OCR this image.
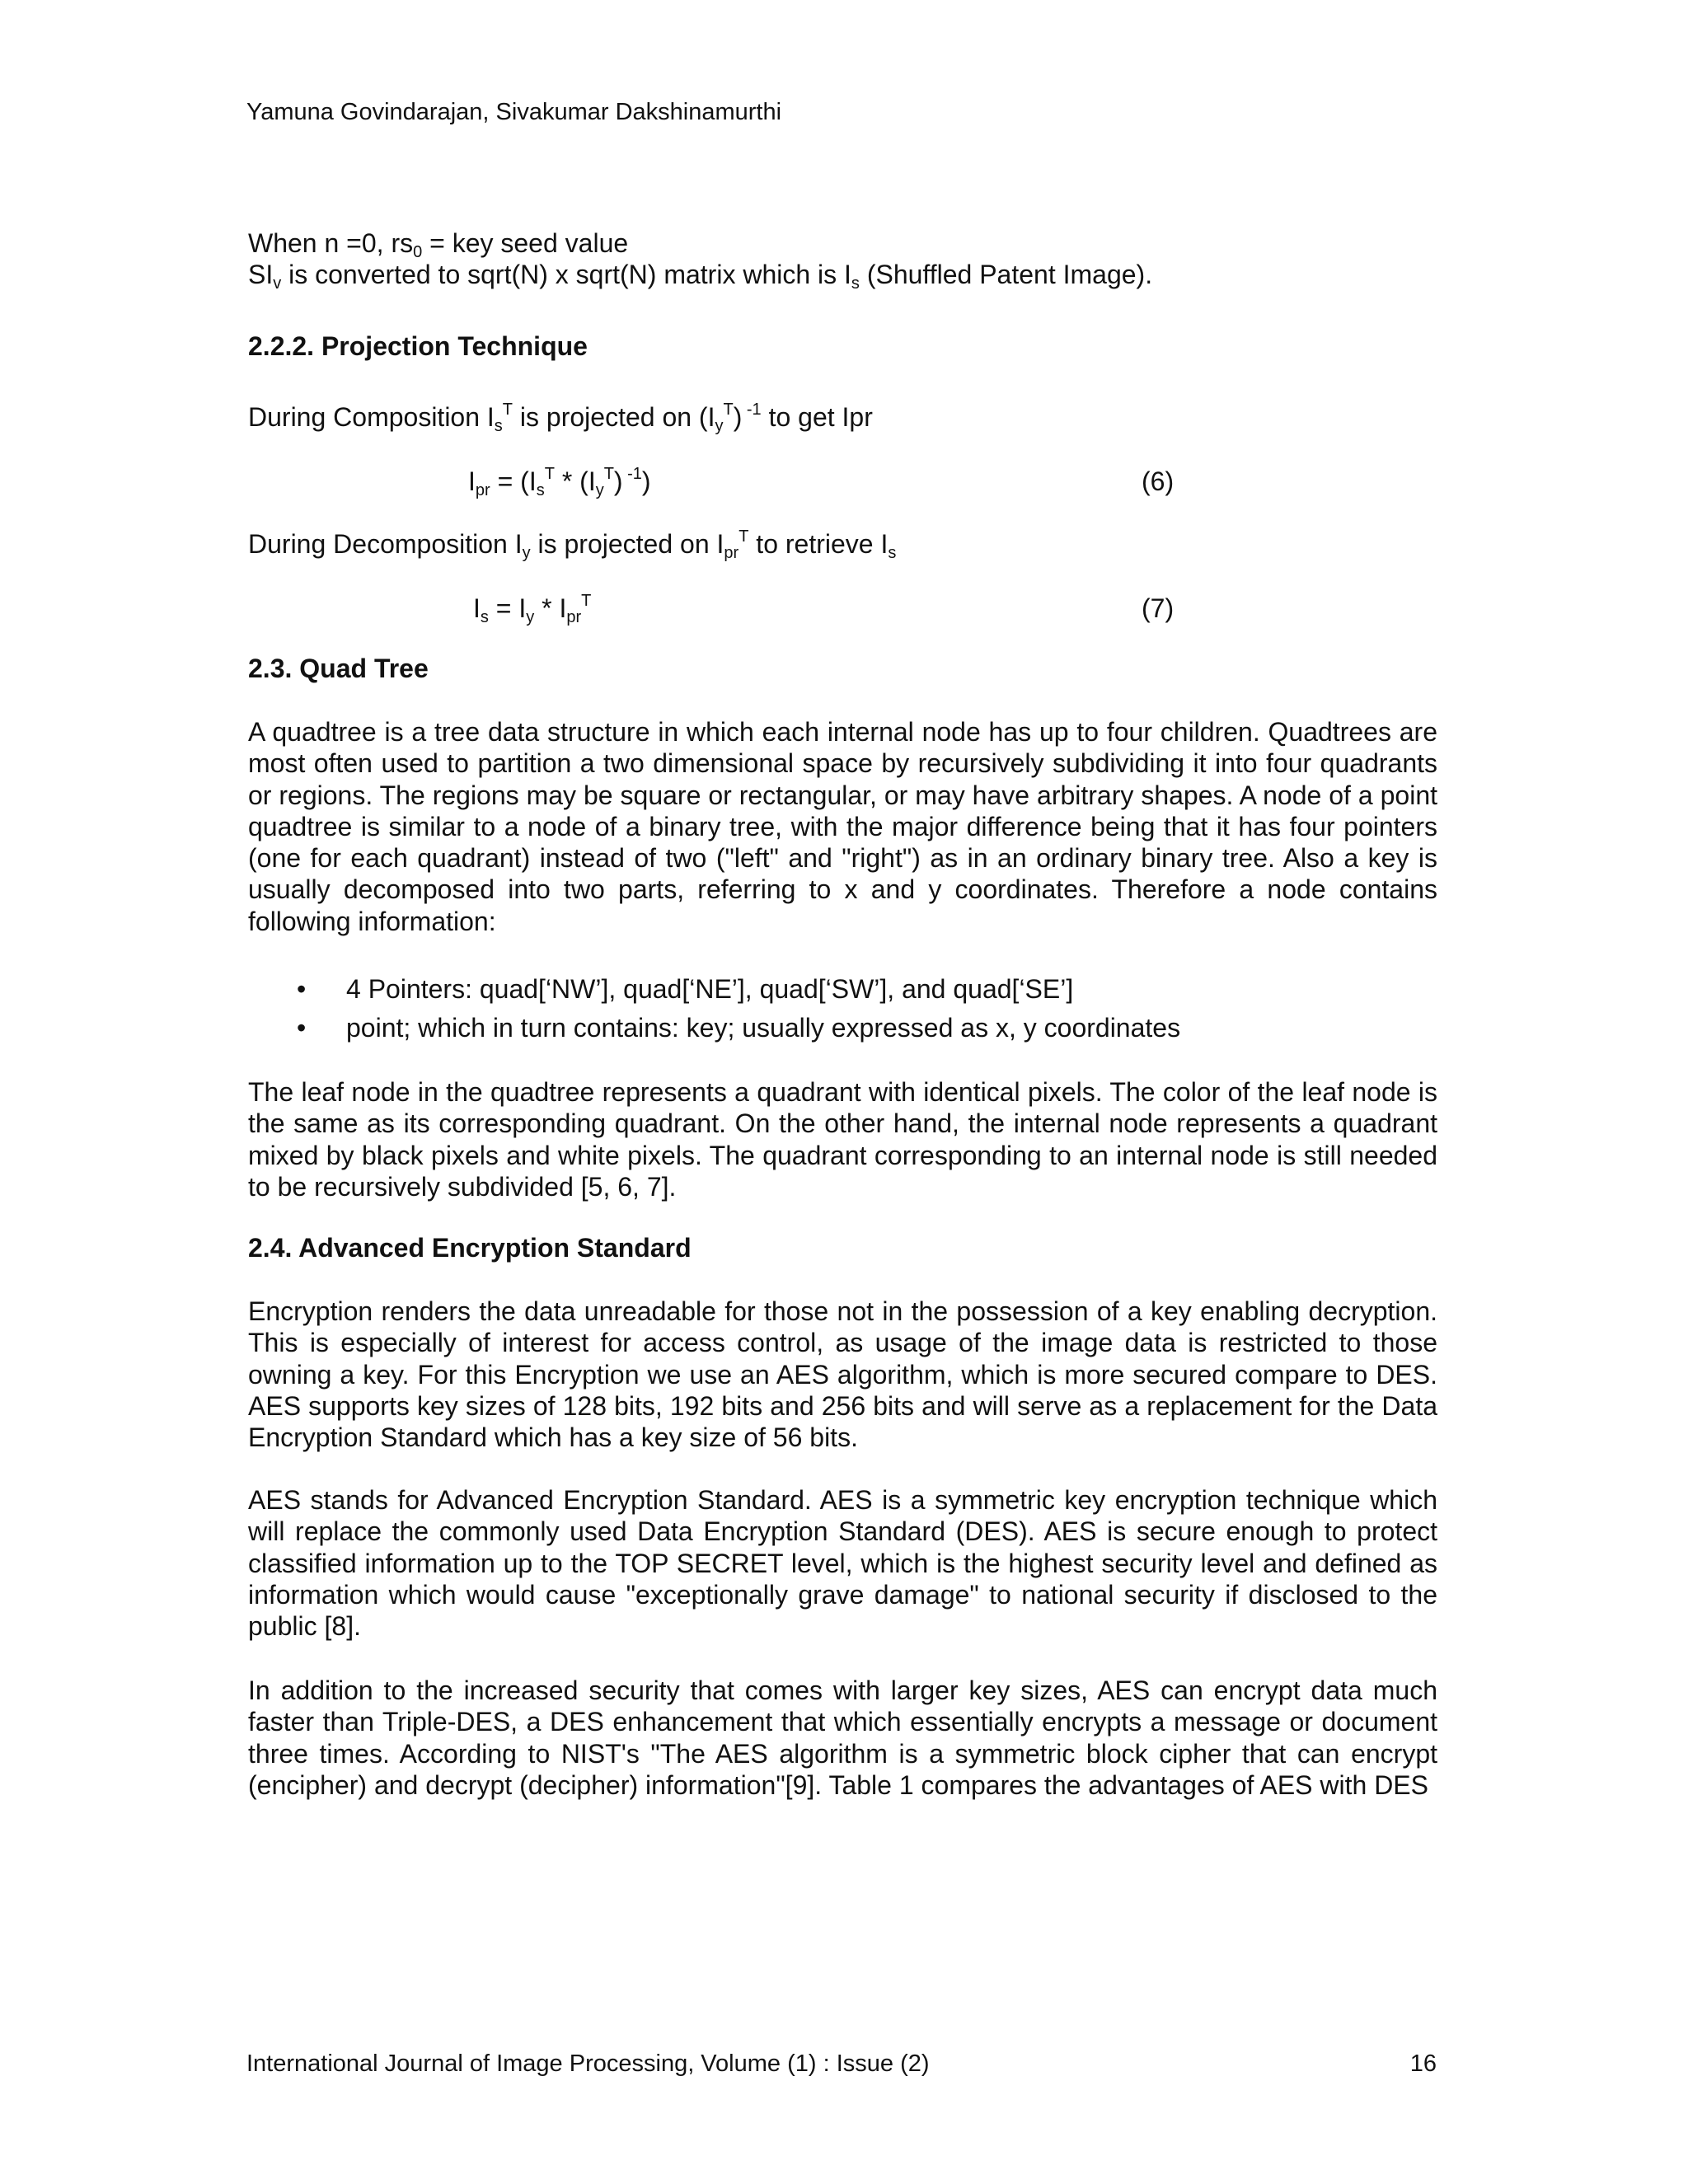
Yamuna Govindarajan, Sivakumar Dakshinamurthi
When n =0, $rs_0$ = key seed value
$SI_v$ is converted to sqrt(N) x sqrt(N) matrix which is $I_s$ (Shuffled Patent Image).
2.2.2. Projection Technique
During Composition $I_s^T$ is projected on $(I_y^T)$ $^{-1}$ to get Ipr
$I_{pr} = (I_s^T * (I_y^T)$ $^{-1}$)	(6)
During Decomposition $I_y$ is projected on $I_{pr}^T$ to retrieve $I_s$
$I_s = I_y * I_{pr}^T$	(7)
2.3. Quad Tree
A quadtree is a tree data structure in which each internal node has up to four children. Quadtrees are most often used to partition a two dimensional space by recursively subdividing it into four quadrants or regions. The regions may be square or rectangular, or may have arbitrary shapes. A node of a point quadtree is similar to a node of a binary tree, with the major difference being that it has four pointers (one for each quadrant) instead of two ("left" and "right") as in an ordinary binary tree. Also a key is usually decomposed into two parts, referring to x and y coordinates. Therefore a node contains following information:
• 4 Pointers: quad[‘NW’], quad[‘NE’], quad[‘SW’], and quad[‘SE’]
• point; which in turn contains: key; usually expressed as x, y coordinates
The leaf node in the quadtree represents a quadrant with identical pixels. The color of the leaf node is the same as its corresponding quadrant. On the other hand, the internal node represents a quadrant mixed by black pixels and white pixels. The quadrant corresponding to an internal node is still needed to be recursively subdivided [5, 6, 7].
2.4. Advanced Encryption Standard
Encryption renders the data unreadable for those not in the possession of a key enabling decryption. This is especially of interest for access control, as usage of the image data is restricted to those owning a key. For this Encryption we use an AES algorithm, which is more secured compare to DES. AES supports key sizes of 128 bits, 192 bits and 256 bits and will serve as a replacement for the Data Encryption Standard which has a key size of 56 bits.
AES stands for Advanced Encryption Standard. AES is a symmetric key encryption technique which will replace the commonly used Data Encryption Standard (DES). AES is secure enough to protect classified information up to the TOP SECRET level, which is the highest security level and defined as information which would cause "exceptionally grave damage" to national security if disclosed to the public [8].
In addition to the increased security that comes with larger key sizes, AES can encrypt data much faster than Triple-DES, a DES enhancement that which essentially encrypts a message or document three times. According to NIST's "The AES algorithm is a symmetric block cipher that can encrypt (encipher) and decrypt (decipher) information"[9]. Table 1 compares the advantages of AES with DES
International Journal of Image Processing, Volume (1) : Issue (2)	16
